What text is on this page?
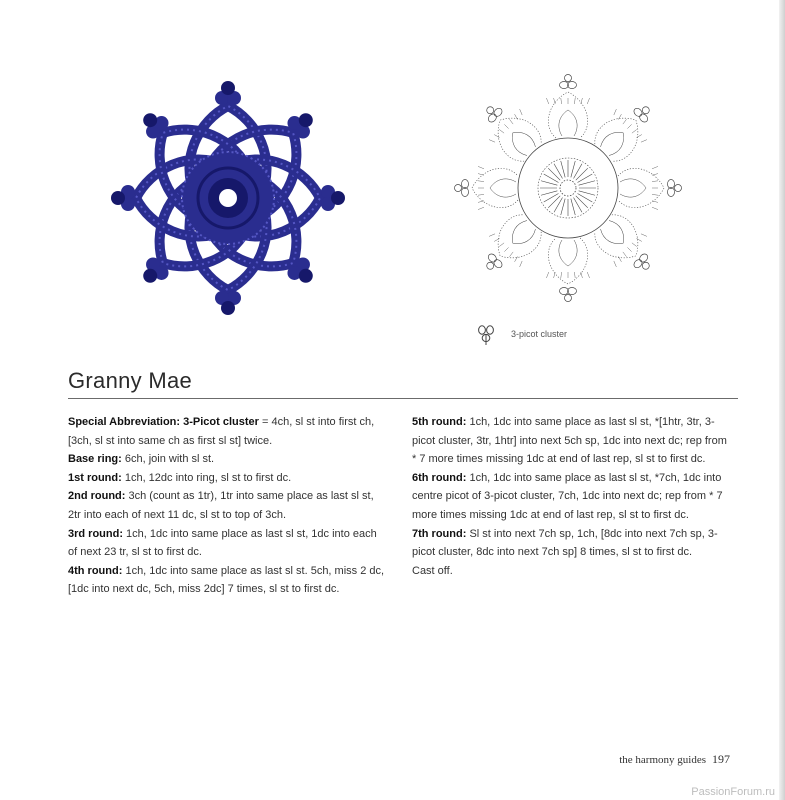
3-picot cluster
Granny Mae

Special Abbreviation: 3-Picot cluster = 4ch, sl st into first ch, [3ch, sl st into same ch as first sl st] twice.

Base ring: 6ch, join with sl st.

1st round: 1ch, 12dc into ring, sl st to first dc.

2nd round: 3ch (count as 1tr), 1tr into same place as last sl st, 2tr into each of next 11 dc, sl st to top of 3ch.

3rd round: 1ch, 1dc into same place as last sl st, 1dc into each of next 23 tr, sl st to first dc.

4th round: 1ch, 1dc into same place as last sl st. 5ch, miss 2 dc, [1dc into next dc, 5ch, miss 2dc] 7 times, sl st to first dc.

5th round: 1ch, 1dc into same place as last sl st, *[1htr, 3tr, 3-picot cluster, 3tr, 1htr] into next 5ch sp, 1dc into next dc; rep from * 7 more times missing 1dc at end of last rep, sl st to first dc.

6th round: 1ch, 1dc into same place as last sl st, *7ch, 1dc into centre picot of 3-picot cluster, 7ch, 1dc into next dc; rep from * 7 more times missing 1dc at end of last rep, sl st to first dc.

7th round: Sl st into next 7ch sp, 1ch, [8dc into next 7ch sp, 3-picot cluster, 8dc into next 7ch sp] 8 times, sl st to first dc.

Cast off.

the harmony guides 197
PassionForum.ru
